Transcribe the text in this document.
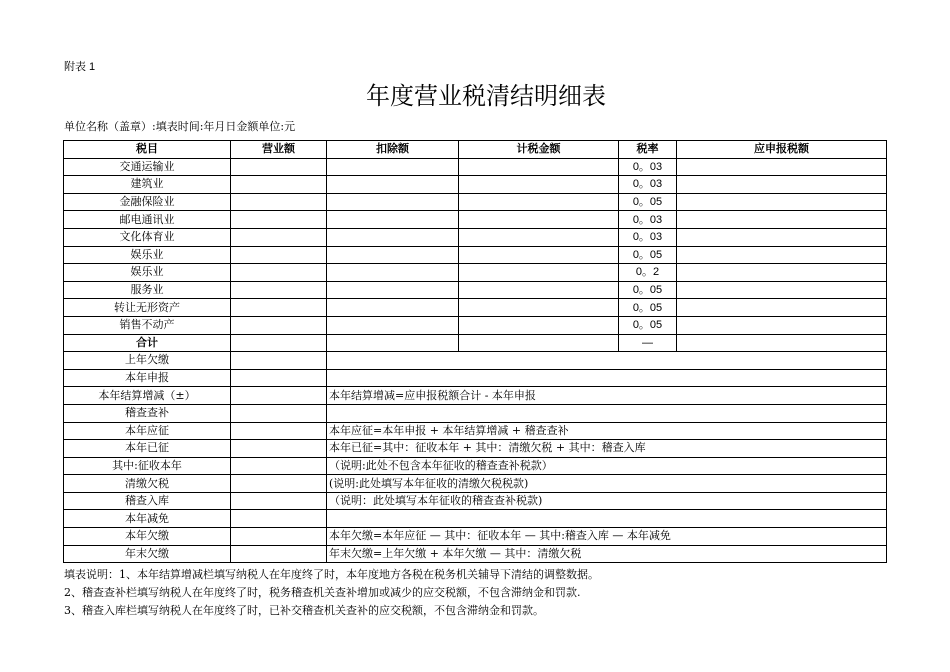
附表 1
年度营业税清结明细表
单位名称（盖章）:填表时间:年月日金额单位:元
税目	营业额	扣除额	计税金额	税率	应申报税额
交通运输业				0。03	
建筑业				0。03	
金融保险业				0。05	
邮电通讯业				0。03	
文化体育业				0。03	
娱乐业				0。05	
娱乐业				0。2	
服务业				0。05	
转让无形资产				0。05	
销售不动产				0。05	
合计				—	
上年欠缴					
本年申报					
本年结算增减（±）		本年结算增减=应申报税额合计 - 本年申报			
稽查查补					
本年应征		本年应征=本年申报 + 本年结算增减 + 稽查查补			
本年已征		本年已征=其中：征收本年 + 其中：清缴欠税 + 其中：稽查入库			
其中:征收本年		（说明:此处不包含本年征收的稽查查补税款）			
清缴欠税		(说明:此处填写本年征收的清缴欠税税款)			
稽查入库		（说明：此处填写本年征收的稽查查补税款)			
本年减免					
本年欠缴		本年欠缴=本年应征 — 其中：征收本年 — 其中:稽查入库 — 本年减免			
年末欠缴		年末欠缴=上年欠缴 + 本年欠缴 — 其中：清缴欠税			
填表说明：1、本年结算增减栏填写纳税人在年度终了时，本年度地方各税在税务机关辅导下清结的调整数据。
2、稽查查补栏填写纳税人在年度终了时，税务稽查机关查补增加或减少的应交税额，不包含滞纳金和罚款.
3、稽查入库栏填写纳税人在年度终了时，已补交稽查机关查补的应交税额，不包含滞纳金和罚款。
